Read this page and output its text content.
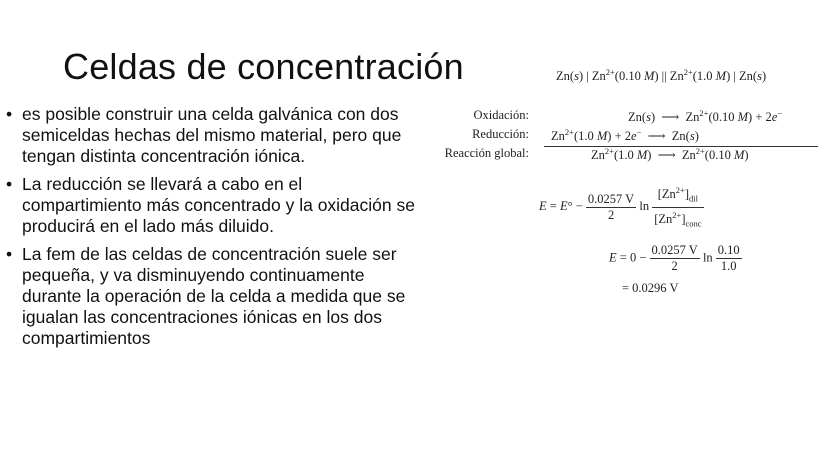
Celdas de concentración
• es posible construir una celda galvánica con dos semiceldas hechas del mismo material, pero que tengan distinta concentración iónica.
• La reducción se llevará a cabo en el compartimiento más concentrado y la oxidación se producirá en el lado más diluido.
• La fem de las celdas de concentración suele ser pequeña, y va disminuyendo continuamente durante la operación de la celda a medida que se igualan las concentraciones iónicas en los dos compartimientos
Zn(s) | $Zn^{2+}(0.10$ M) || $Zn^{2+}(1.0$ M) | Zn(s)
Oxidación:	Zn(s)  ⟶  $Zn^{2+}(0.10$ M) + 2e−
Reducción: $Zn^{2+}(1.0$ M) + 2e−  ⟶  Zn(s)
Reacción global:	$Zn^{2+}(1.0$ M)  ⟶  $Zn^{2+}(0.10$ M)
$E = E^\circ - \frac{0.0257 V}{2}$ $\ln \frac{[Zn^{2+}]_{dil}}{[Zn^{2+}]_{conc}}$
$E = 0 - \frac{0.0257 V}{2}$ $\ln \frac{0.10}{1.0}$
= 0.0296 V
